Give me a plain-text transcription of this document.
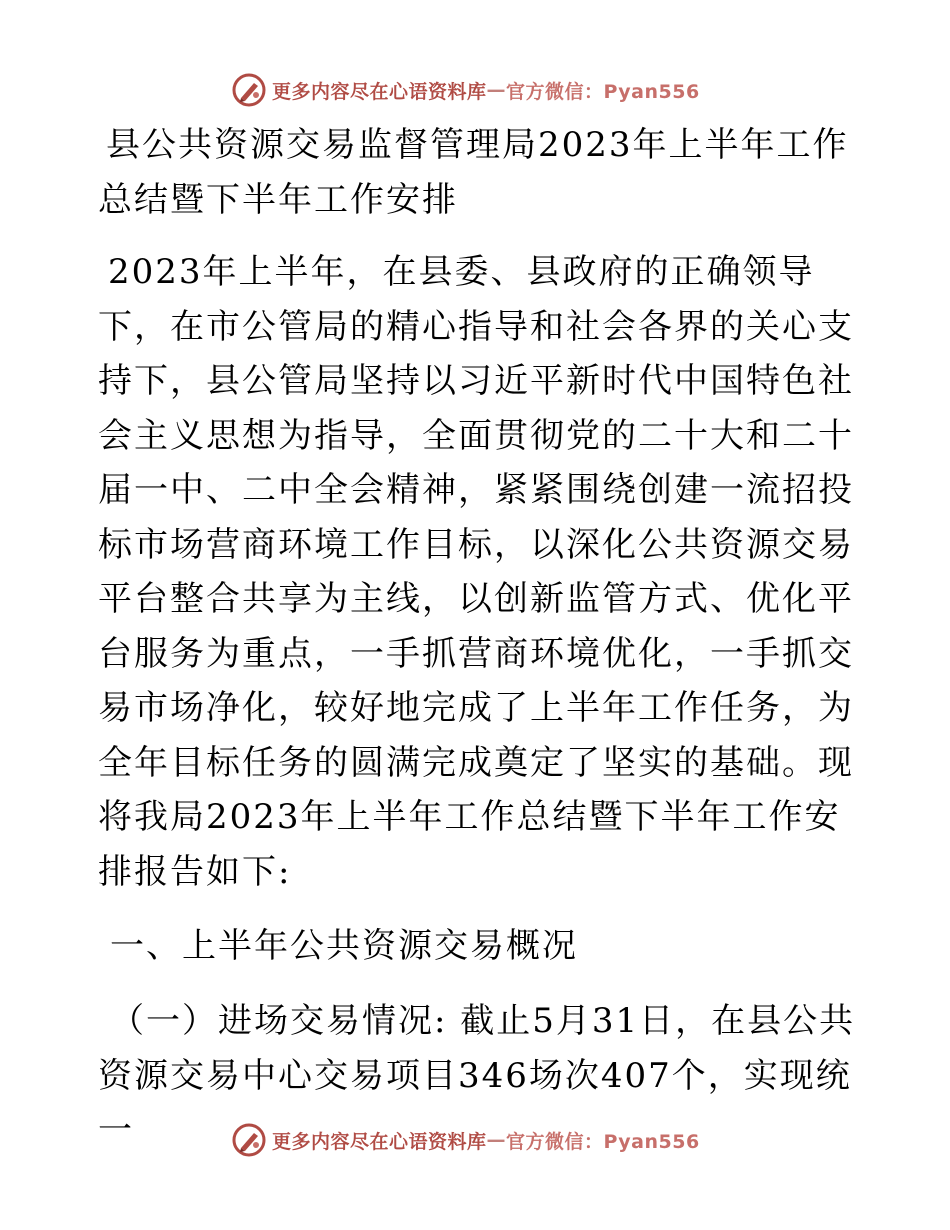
更多内容尽在心语资料库 — 官方微信：Pyan556
县公共资源交易监督管理局2023年上半年工作总结暨下半年工作安排

2023年上半年，在县委、县政府的正确领导下，在市公管局的精心指导和社会各界的关心支持下，县公管局坚持以习近平新时代中国特色社会主义思想为指导，全面贯彻党的二十大和二十届一中、二中全会精神，紧紧围绕创建一流招投标市场营商环境工作目标，以深化公共资源交易平台整合共享为主线，以创新监管方式、优化平台服务为重点，一手抓营商环境优化，一手抓交易市场净化，较好地完成了上半年工作任务，为全年目标任务的圆满完成奠定了坚实的基础。现将我局2023年上半年工作总结暨下半年工作安排报告如下:

一、上半年公共资源交易概况

（一）进场交易情况: 截止5月31日，在县公共资源交易中心交易项目346场次407个，实现统一	更多内容尽在心语资料库 — 官方微信：Pyan556
